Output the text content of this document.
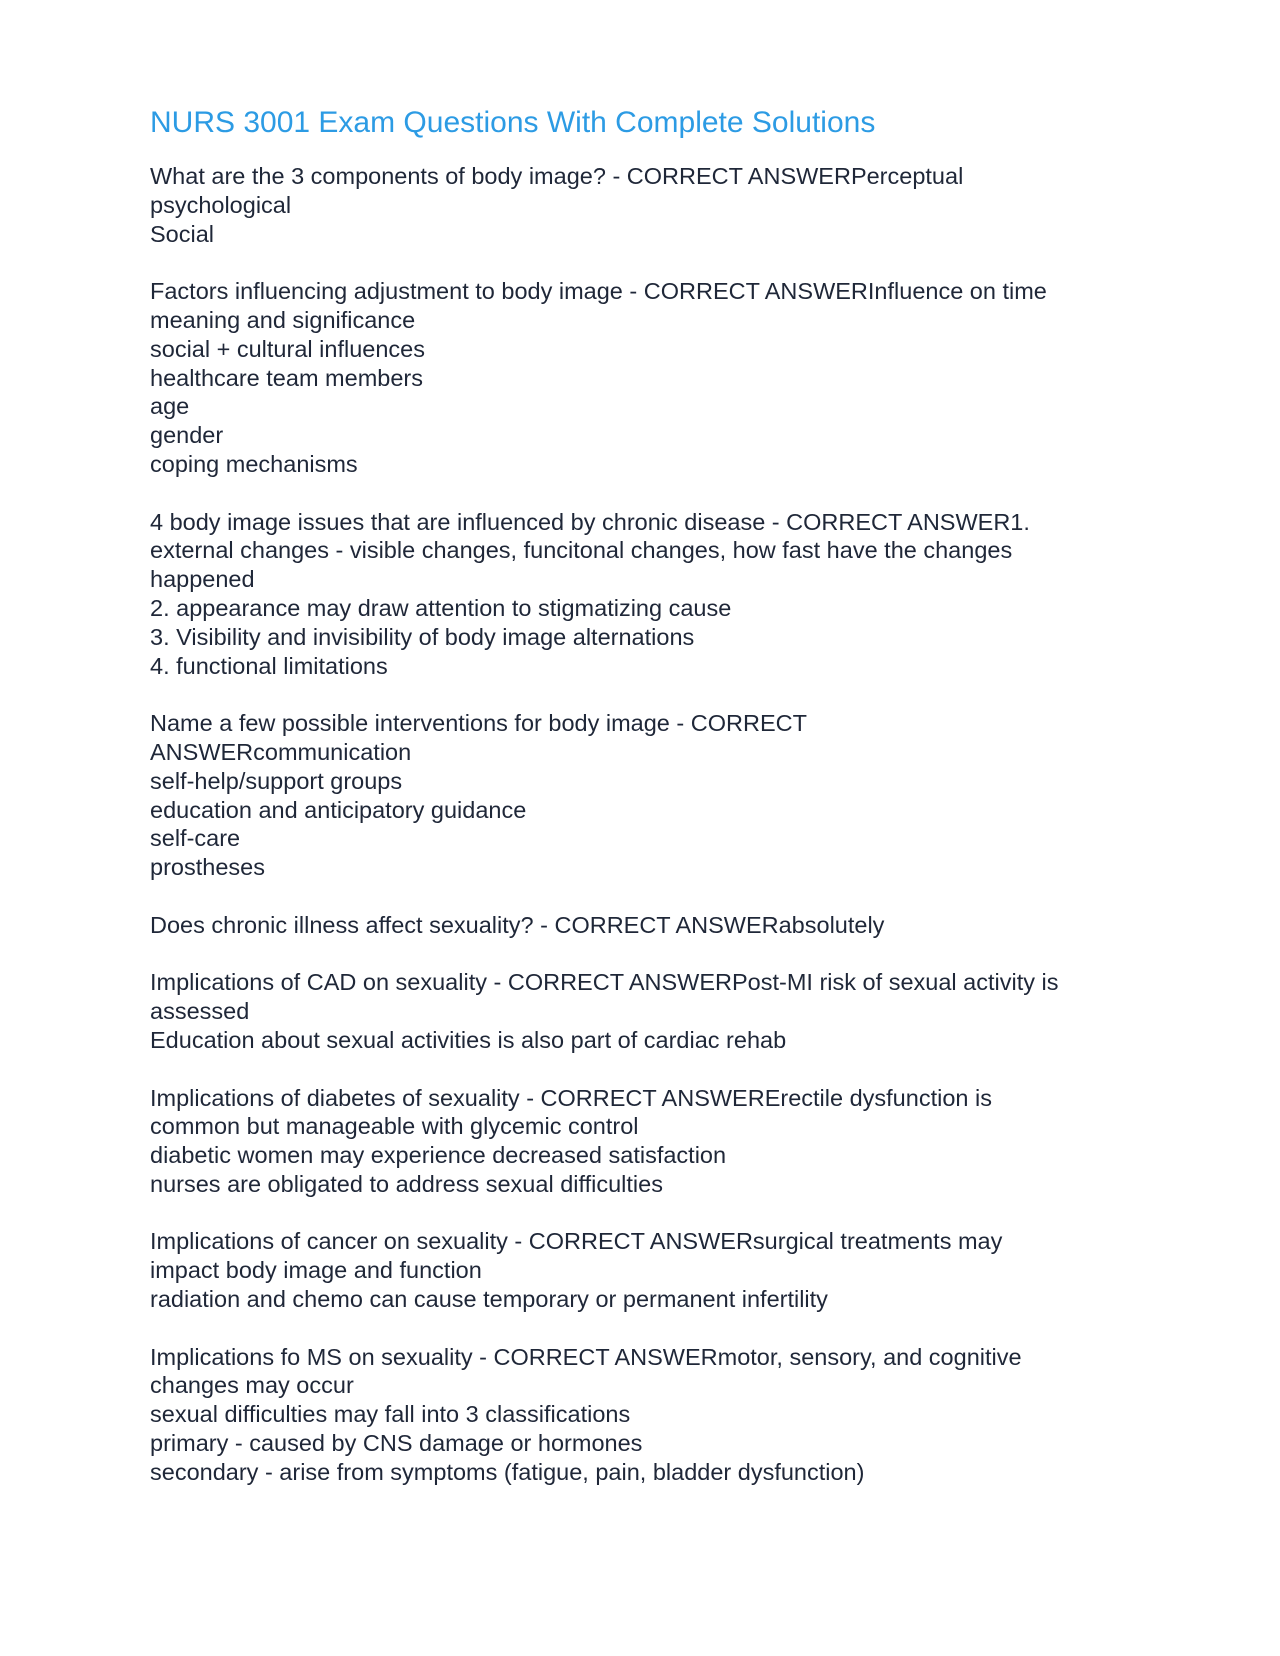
NURS 3001 Exam Questions With Complete Solutions
What are the 3 components of body image? - CORRECT ANSWERPerceptual
psychological
Social
Factors influencing adjustment to body image - CORRECT ANSWERInfluence on time
meaning and significance
social + cultural influences
healthcare team members
age
gender
coping mechanisms
4 body image issues that are influenced by chronic disease - CORRECT ANSWER1.
external changes - visible changes, funcitonal changes, how fast have the changes
happened
2. appearance may draw attention to stigmatizing cause
3. Visibility and invisibility of body image alternations
4. functional limitations
Name a few possible interventions for body image - CORRECT
ANSWERcommunication
self-help/support groups
education and anticipatory guidance
self-care
prostheses
Does chronic illness affect sexuality? - CORRECT ANSWERabsolutely
Implications of CAD on sexuality - CORRECT ANSWERPost-MI risk of sexual activity is
assessed
Education about sexual activities is also part of cardiac rehab
Implications of diabetes of sexuality - CORRECT ANSWERErectile dysfunction is
common but manageable with glycemic control
diabetic women may experience decreased satisfaction
nurses are obligated to address sexual difficulties
Implications of cancer on sexuality - CORRECT ANSWERsurgical treatments may
impact body image and function
radiation and chemo can cause temporary or permanent infertility
Implications fo MS on sexuality - CORRECT ANSWERmotor, sensory, and cognitive
changes may occur
sexual difficulties may fall into 3 classifications
primary - caused by CNS damage or hormones
secondary - arise from symptoms (fatigue, pain, bladder dysfunction)
